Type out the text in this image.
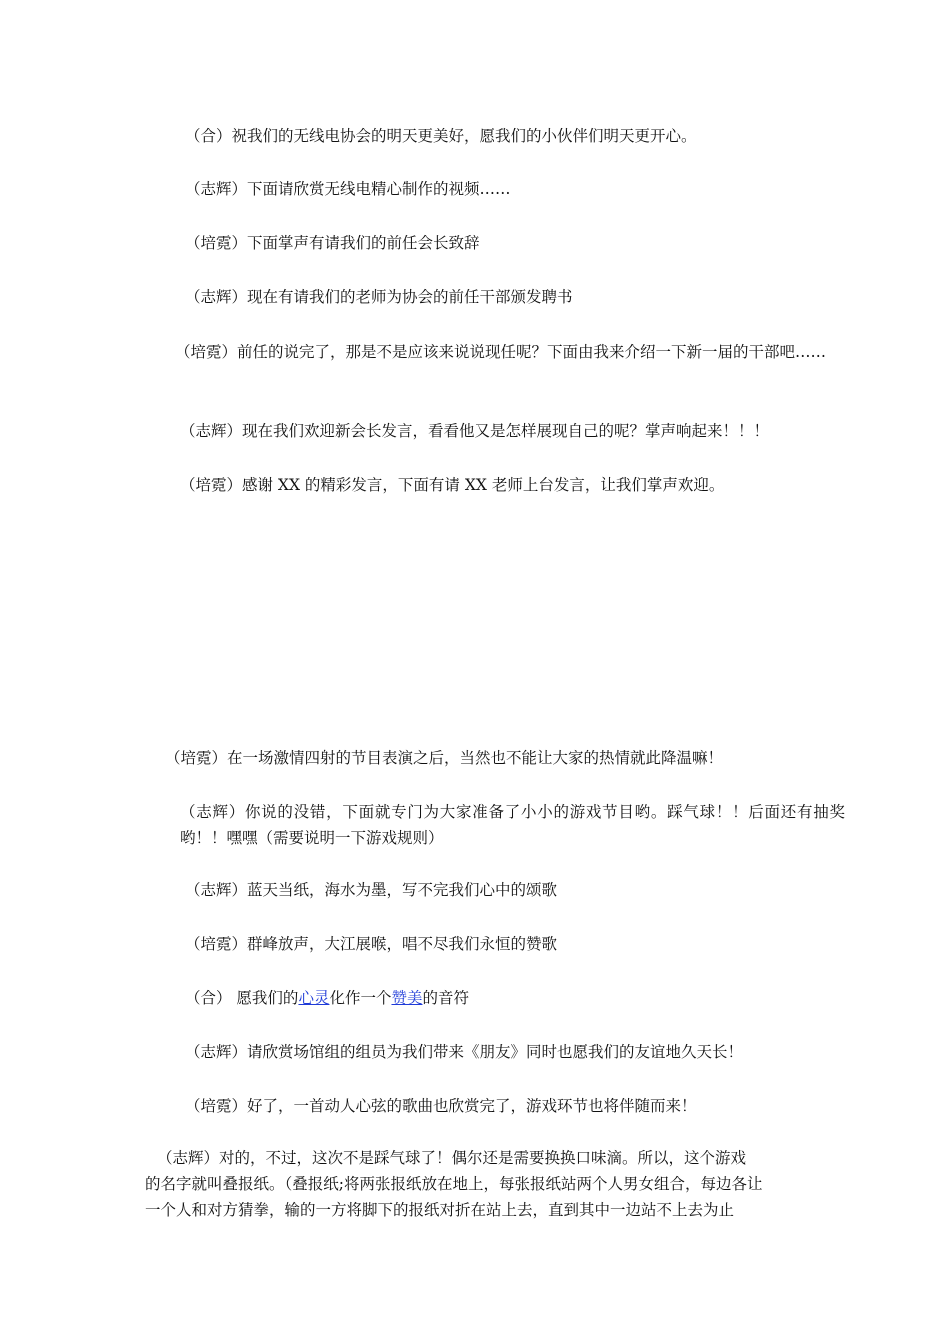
（合）祝我们的无线电协会的明天更美好，愿我们的小伙伴们明天更开心。

（志辉）下面请欣赏无线电精心制作的视频……

（培霓）下面掌声有请我们的前任会长致辞

（志辉）现在有请我们的老师为协会的前任干部颁发聘书

（培霓）前任的说完了，那是不是应该来说说现任呢？下面由我来介绍一下新一届的干部吧……

（志辉）现在我们欢迎新会长发言，看看他又是怎样展现自己的呢？掌声响起来！！！

（培霓）感谢 XX 的精彩发言，下面有请 XX 老师上台发言，让我们掌声欢迎。

（培霓）在一场激情四射的节目表演之后，当然也不能让大家的热情就此降温嘛！

（志辉）你说的没错，下面就专门为大家准备了小小的游戏节目哟。踩气球！！后面还有抽奖哟！！嘿嘿（需要说明一下游戏规则）

（志辉）蓝天当纸，海水为墨，写不完我们心中的颂歌

（培霓）群峰放声，大江展喉，唱不尽我们永恒的赞歌

（合） 愿我们的心灵化作一个赞美的音符

（志辉）请欣赏场馆组的组员为我们带来《朋友》同时也愿我们的友谊地久天长！

（培霓）好了，一首动人心弦的歌曲也欣赏完了，游戏环节也将伴随而来！

（志辉）对的，不过，这次不是踩气球了！偶尔还是需要换换口味滴。所以，这个游戏

的名字就叫叠报纸。（叠报纸;将两张报纸放在地上，每张报纸站两个人男女组合，每边各让

一个人和对方猜拳，输的一方将脚下的报纸对折在站上去，直到其中一边站不上去为止
